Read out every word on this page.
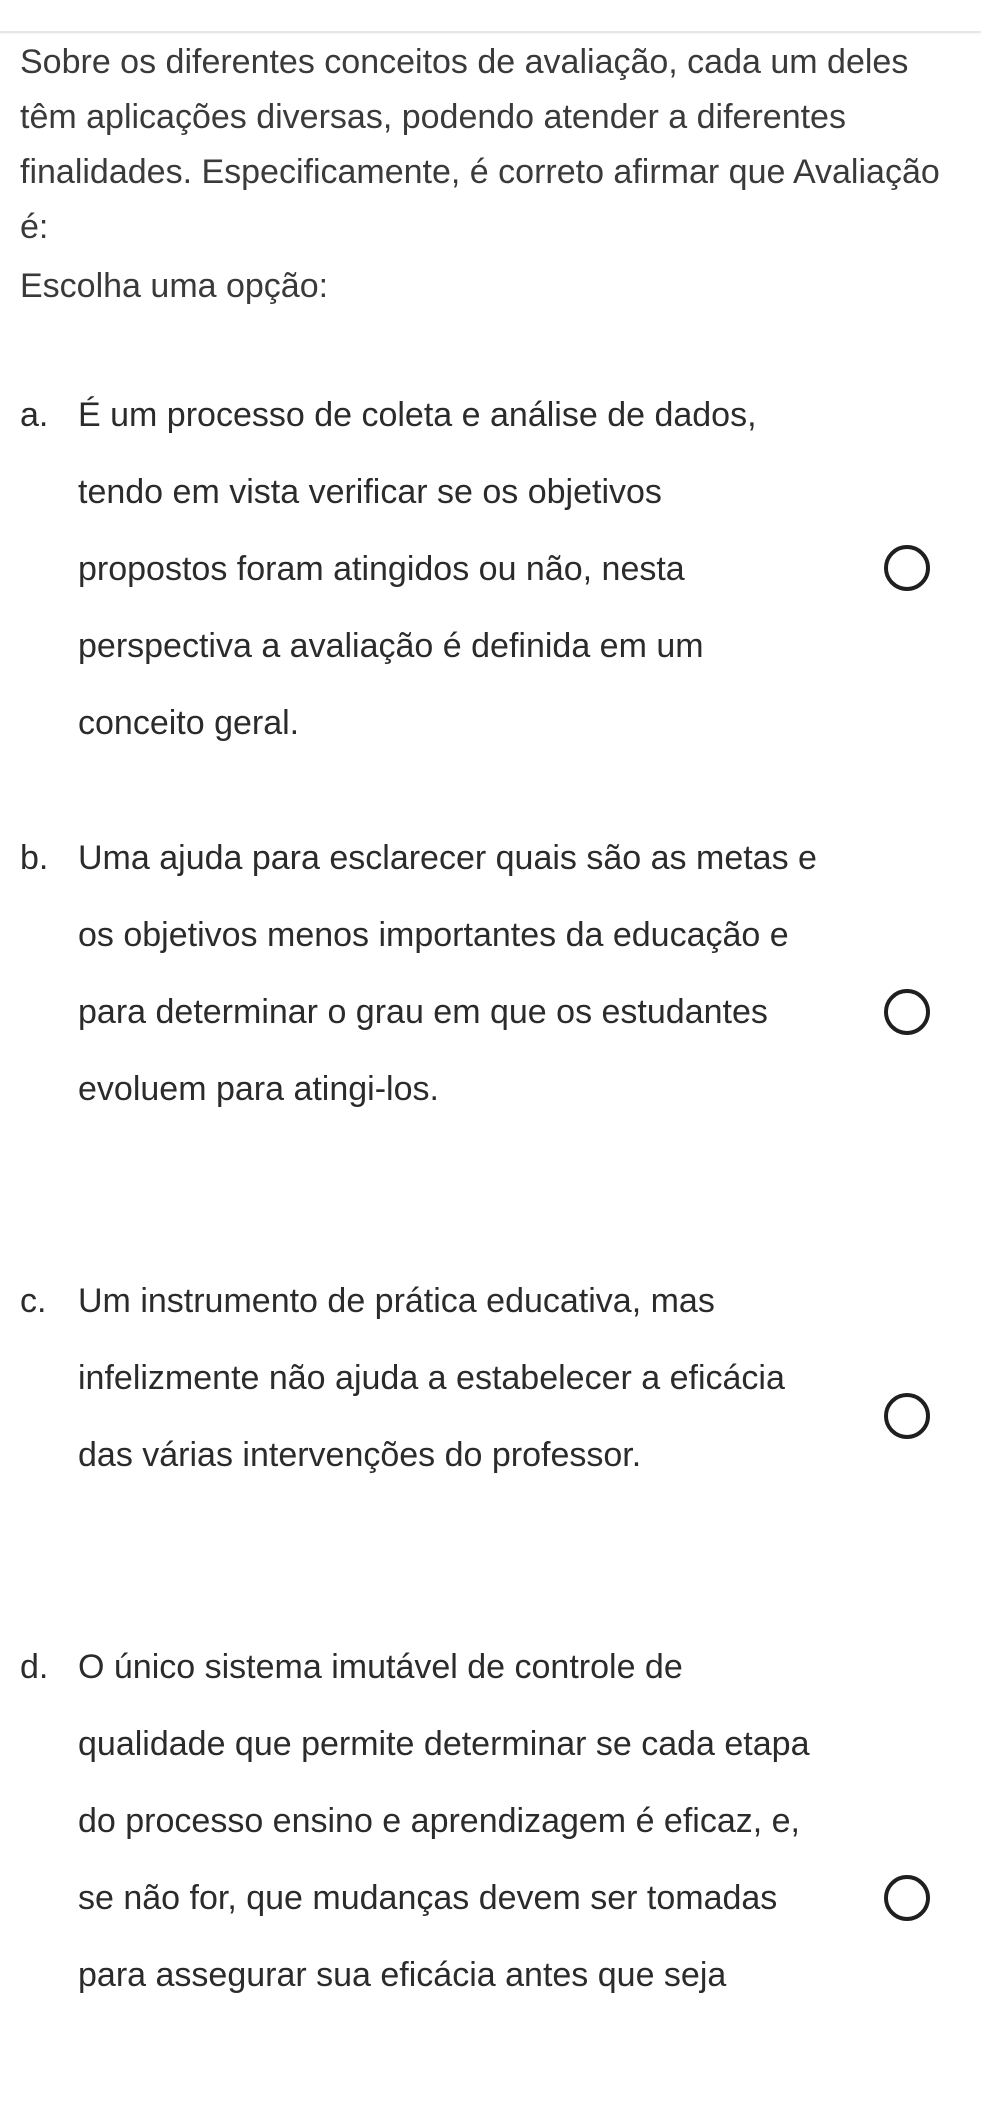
Sobre os diferentes conceitos de avaliação, cada um deles têm aplicações diversas, podendo atender a diferentes finalidades. Especificamente, é correto afirmar que Avaliação é:

Escolha uma opção:
a. É um processo de coleta e análise de dados, tendo em vista verificar se os objetivos propostos foram atingidos ou não, nesta perspectiva a avaliação é definida em um conceito geral.
b. Uma ajuda para esclarecer quais são as metas e os objetivos menos importantes da educação e para determinar o grau em que os estudantes evoluem para atingi-los.
c. Um instrumento de prática educativa, mas infelizmente não ajuda a estabelecer a eficácia das várias intervenções do professor.
d. O único sistema imutável de controle de qualidade que permite determinar se cada etapa do processo ensino e aprendizagem é eficaz, e, se não for, que mudanças devem ser tomadas para assegurar sua eficácia antes que seja
